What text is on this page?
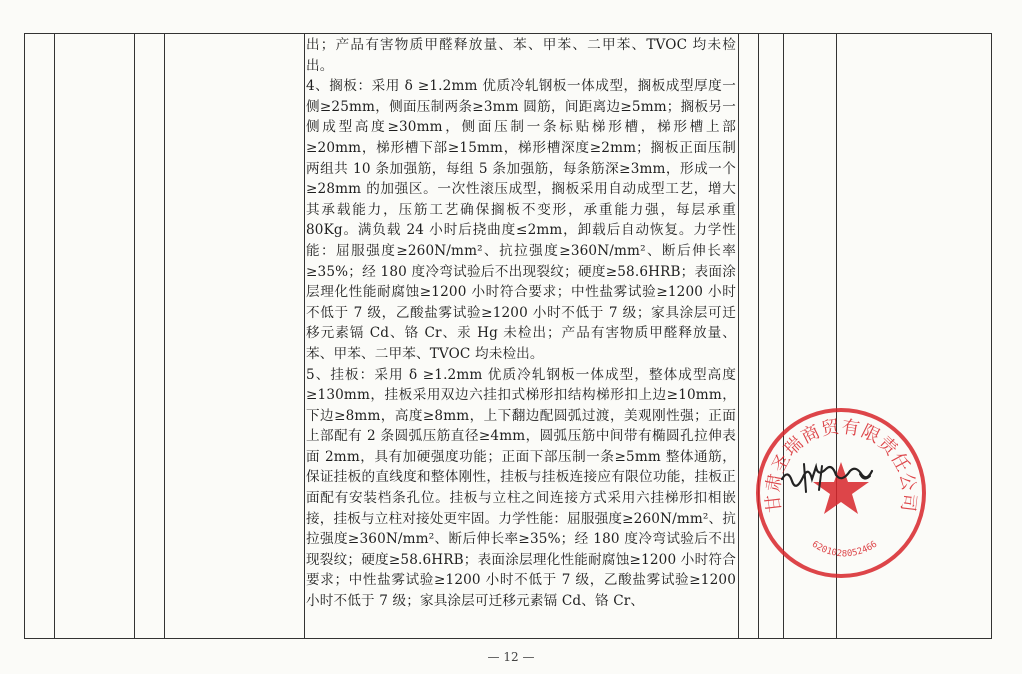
出；产品有害物质甲醛释放量、苯、甲苯、二甲苯、TVOC 均未检出。

4、搁板：采用 δ ≥1.2mm 优质冷轧钢板一体成型，搁板成型厚度一侧≥25mm，侧面压制两条≥3mm 圆筋，间距离边≥5mm；搁板另一侧成型高度≥30mm，侧面压制一条标贴梯形槽，梯形槽上部≥20mm，梯形槽下部≥15mm，梯形槽深度≥2mm；搁板正面压制两组共 10 条加强筋，每组 5 条加强筋，每条筋深≥3mm，形成一个≥28mm 的加强区。一次性滚压成型，搁板采用自动成型工艺，增大其承载能力，压筋工艺确保搁板不变形，承重能力强，每层承重 80Kg。满负载 24 小时后挠曲度≤2mm，卸载后自动恢复。力学性能：屈服强度≥260N/mm²、抗拉强度≥360N/mm²、断后伸长率≥35%；经 180 度冷弯试验后不出现裂纹；硬度≥58.6HRB；表面涂层理化性能耐腐蚀≥1200 小时符合要求；中性盐雾试验≥1200 小时不低于 7 级，乙酸盐雾试验≥1200 小时不低于 7 级；家具涂层可迁移元素镉 Cd、铬 Cr、汞 Hg 未检出；产品有害物质甲醛释放量、苯、甲苯、二甲苯、TVOC 均未检出。

5、挂板：采用 δ ≥1.2mm 优质冷轧钢板一体成型，整体成型高度≥130mm，挂板采用双边六挂扣式梯形扣结构梯形扣上边≥10mm，下边≥8mm，高度≥8mm，上下翻边配圆弧过渡，美观刚性强；正面上部配有 2 条圆弧压筋直径≥4mm，圆弧压筋中间带有椭圆孔拉伸表面 2mm，具有加硬强度功能；正面下部压制一条≥5mm 整体通筋，保证挂板的直线度和整体刚性，挂板与挂板连接应有限位功能，挂板正面配有安装档条孔位。挂板与立柱之间连接方式采用六挂梯形扣相嵌接，挂板与立柱对接处更牢固。力学性能：屈服强度≥260N/mm²、抗拉强度≥360N/mm²、断后伸长率≥35%；经 180 度冷弯试验后不出现裂纹；硬度≥58.6HRB；表面涂层理化性能耐腐蚀≥1200 小时符合要求；中性盐雾试验≥1200 小时不低于 7 级，乙酸盐雾试验≥1200 小时不低于 7 级；家具涂层可迁移元素镉 Cd、铬 Cr、

甘肃圣瑞商贸有限责任公司
6201028052466
— 12 —
